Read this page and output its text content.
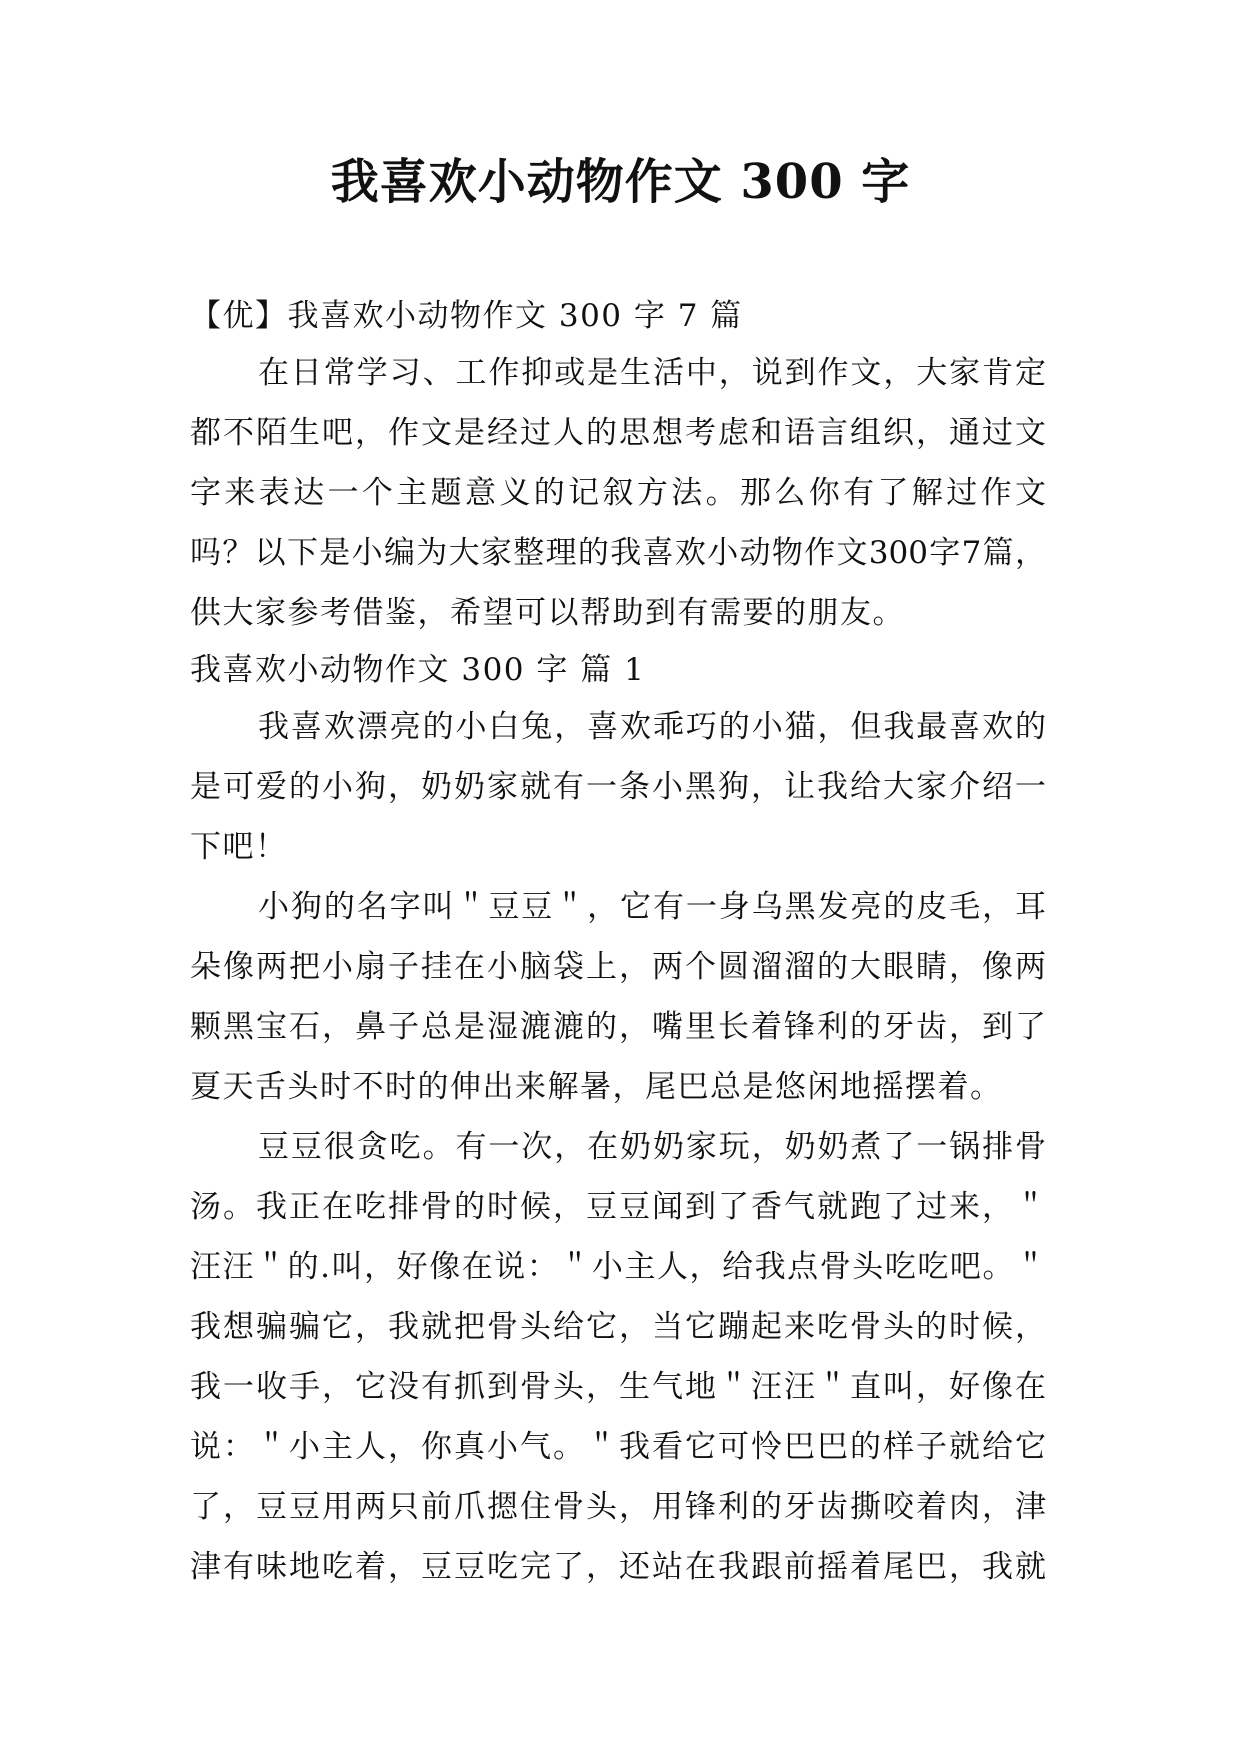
我喜欢小动物作文 300 字
【优】我喜欢小动物作文 300 字 7 篇
在日常学习、工作抑或是生活中，说到作文，大家肯定
都不陌生吧，作文是经过人的思想考虑和语言组织，通过文
字来表达一个主题意义的记叙方法。那么你有了解过作文
吗？以下是小编为大家整理的我喜欢小动物作文300字7篇，
供大家参考借鉴，希望可以帮助到有需要的朋友。
我喜欢小动物作文 300 字 篇 1
我喜欢漂亮的小白兔，喜欢乖巧的小猫，但我最喜欢的
是可爱的小狗，奶奶家就有一条小黑狗，让我给大家介绍一
下吧！
小狗的名字叫＂豆豆＂，它有一身乌黑发亮的皮毛，耳
朵像两把小扇子挂在小脑袋上，两个圆溜溜的大眼睛，像两
颗黑宝石，鼻子总是湿漉漉的，嘴里长着锋利的牙齿，到了
夏天舌头时不时的伸出来解暑，尾巴总是悠闲地摇摆着。
豆豆很贪吃。有一次，在奶奶家玩，奶奶煮了一锅排骨
汤。我正在吃排骨的时候，豆豆闻到了香气就跑了过来，＂
汪汪＂的.叫，好像在说：＂小主人，给我点骨头吃吃吧。＂
我想骗骗它，我就把骨头给它，当它蹦起来吃骨头的时候，
我一收手，它没有抓到骨头，生气地＂汪汪＂直叫，好像在
说：＂小主人，你真小气。＂我看它可怜巴巴的样子就给它
了，豆豆用两只前爪摁住骨头，用锋利的牙齿撕咬着肉，津
津有味地吃着，豆豆吃完了，还站在我跟前摇着尾巴，我就
